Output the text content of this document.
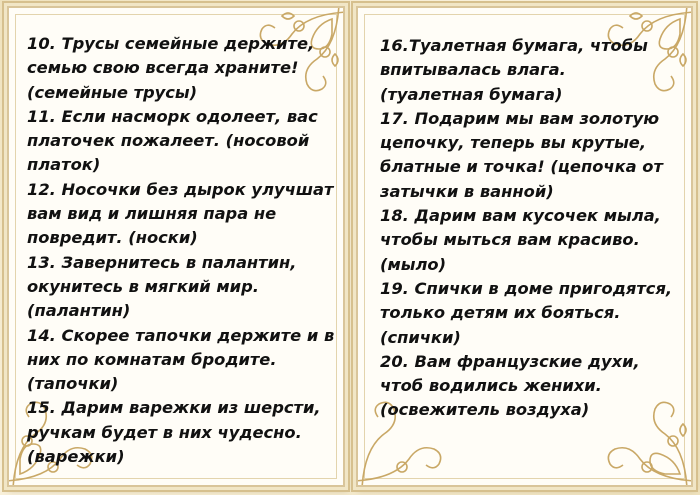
10. Трусы семейные держите,
семью свою всегда храните!
(семейные трусы)
11. Если насморк одолеет, вас
платочек пожалеет. (носовой
платок)
12. Носочки без дырок улучшат
вам вид и лишняя пара не
повредит. (носки)
13. Завернитесь в палантин,
окунитесь в мягкий мир.
(палантин)
14. Скорее тапочки держите и в
них по комнатам бродите.
(тапочки)
15. Дарим варежки из шерсти,
ручкам будет в них чудесно.
(варежки)
16.Туалетная бумага, чтобы
впитывалась влага.
(туалетная бумага)
17. Подарим мы вам золотую
цепочку, теперь вы крутые,
блатные и точка! (цепочка от
затычки в ванной)
18. Дарим вам кусочек мыла,
чтобы мыться вам красиво.
(мыло)
19. Спички в доме пригодятся,
только детям их бояться.
(спички)
20. Вам французские духи,
чтоб водились женихи.
(освежитель воздуха)
